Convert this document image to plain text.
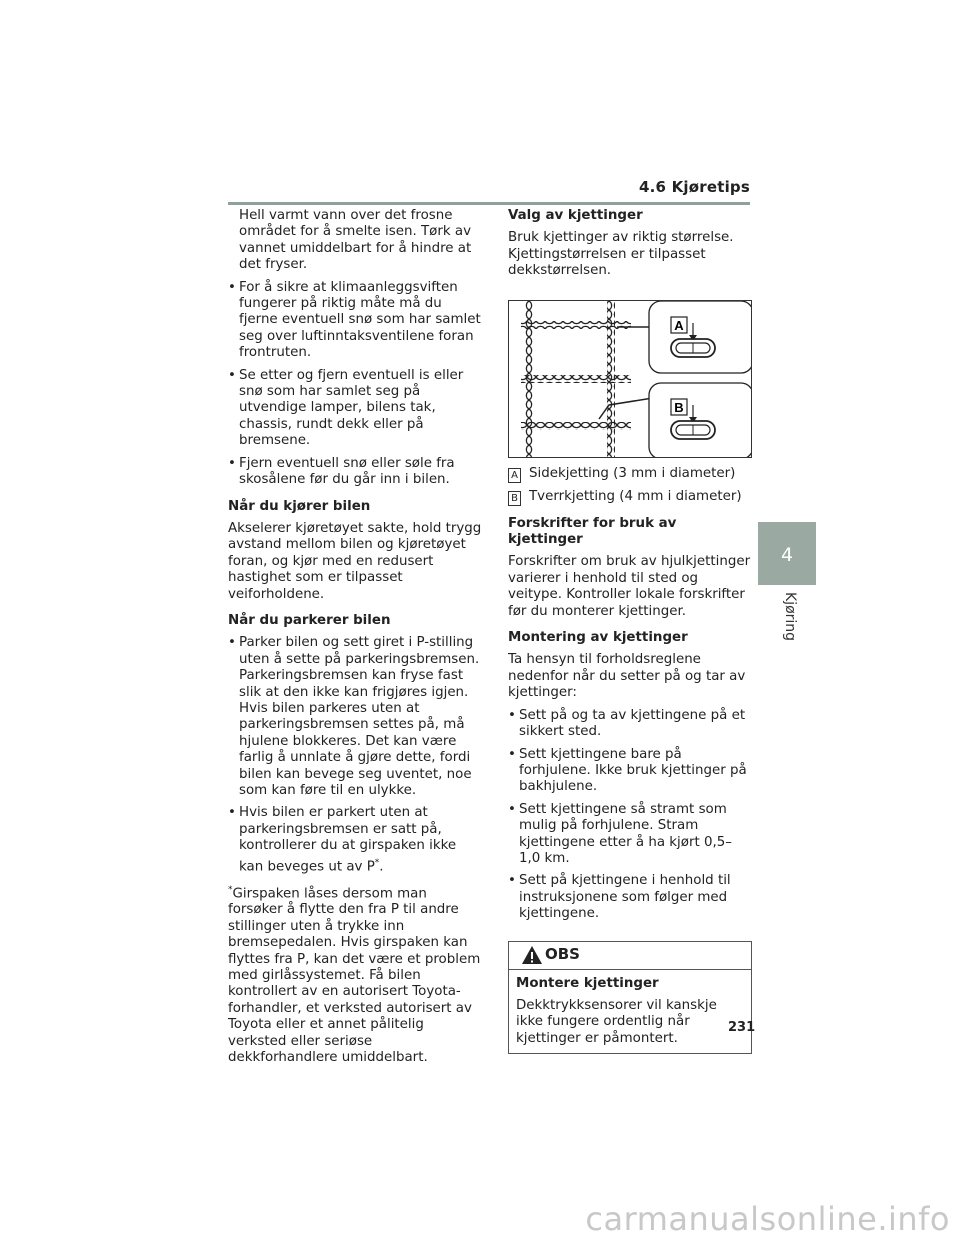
4.6 Kjøretips

Hell varmt vann over det frosne området for å smelte isen. Tørk av vannet umiddelbart for å hindre at det fryser.

• For å sikre at klimaanleggsviften fungerer på riktig måte må du fjerne eventuell snø som har samlet seg over luftinntaksventilene foran frontruten.
• Se etter og fjern eventuell is eller snø som har samlet seg på utvendige lamper, bilens tak, chassis, rundt dekk eller på bremsene.
• Fjern eventuell snø eller søle fra skosålene før du går inn i bilen.
Når du kjører bilen

Akselerer kjøretøyet sakte, hold trygg avstand mellom bilen og kjøretøyet foran, og kjør med en redusert hastighet som er tilpasset veiforholdene.

Når du parkerer bilen
• Parker bilen og sett giret i P-stilling uten å sette på parkeringsbremsen. Parkeringsbremsen kan fryse fast slik at den ikke kan frigjøres igjen. Hvis bilen parkeres uten at parkeringsbremsen settes på, må hjulene blokkeres. Det kan være farlig å unnlate å gjøre dette, fordi bilen kan bevege seg uventet, noe som kan føre til en ulykke.
• Hvis bilen er parkert uten at parkeringsbremsen er satt på, kontrollerer du at girspaken ikke kan beveges ut av P*.

*Girspaken låses dersom man forsøker å flytte den fra P til andre stillinger uten å trykke inn bremsepedalen. Hvis girspaken kan flyttes fra P, kan det være et problem med girlåssystemet. Få bilen kontrollert av en autorisert Toyota-forhandler, et verksted autorisert av Toyota eller et annet pålitelig verksted eller seriøse dekkforhandlere umiddelbart.

Valg av kjettinger

Bruk kjettinger av riktig størrelse. Kjettingstørrelsen er tilpasset dekkstørrelsen.

A
B
A Sidekjetting (3 mm i diameter)
B Tverrkjetting (4 mm i diameter)
Forskrifter for bruk av kjettinger

Forskrifter om bruk av hjulkjettinger varierer i henhold til sted og veitype. Kontroller lokale forskrifter før du monterer kjettinger.

Montering av kjettinger

Ta hensyn til forholdsreglene nedenfor når du setter på og tar av kjettinger:

• Sett på og ta av kjettingene på et sikkert sted.
• Sett kjettingene bare på forhjulene. Ikke bruk kjettinger på bakhjulene.
• Sett kjettingene så stramt som mulig på forhjulene. Stram kjettingene etter å ha kjørt 0,5–1,0 km.
• Sett på kjettingene i henhold til instruksjonene som følger med kjettingene.
OBS
Montere kjettinger

Dekktrykksensorer vil kanskje ikke fungere ordentlig når kjettinger er påmontert.

4
Kjøring
231
carmanualsonline.info
